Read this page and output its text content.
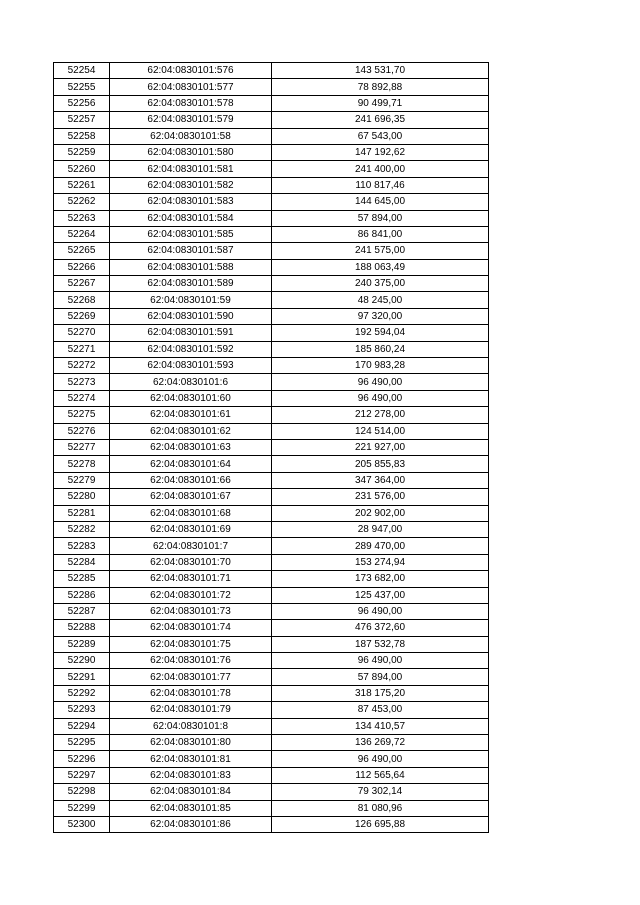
52254	62:04:0830101:576	143 531,70
52255	62:04:0830101:577	78 892,88
52256	62:04:0830101:578	90 499,71
52257	62:04:0830101:579	241 696,35
52258	62:04:0830101:58	67 543,00
52259	62:04:0830101:580	147 192,62
52260	62:04:0830101:581	241 400,00
52261	62:04:0830101:582	110 817,46
52262	62:04:0830101:583	144 645,00
52263	62:04:0830101:584	57 894,00
52264	62:04:0830101:585	86 841,00
52265	62:04:0830101:587	241 575,00
52266	62:04:0830101:588	188 063,49
52267	62:04:0830101:589	240 375,00
52268	62:04:0830101:59	48 245,00
52269	62:04:0830101:590	97 320,00
52270	62:04:0830101:591	192 594,04
52271	62:04:0830101:592	185 860,24
52272	62:04:0830101:593	170 983,28
52273	62:04:0830101:6	96 490,00
52274	62:04:0830101:60	96 490,00
52275	62:04:0830101:61	212 278,00
52276	62:04:0830101:62	124 514,00
52277	62:04:0830101:63	221 927,00
52278	62:04:0830101:64	205 855,83
52279	62:04:0830101:66	347 364,00
52280	62:04:0830101:67	231 576,00
52281	62:04:0830101:68	202 902,00
52282	62:04:0830101:69	28 947,00
52283	62:04:0830101:7	289 470,00
52284	62:04:0830101:70	153 274,94
52285	62:04:0830101:71	173 682,00
52286	62:04:0830101:72	125 437,00
52287	62:04:0830101:73	96 490,00
52288	62:04:0830101:74	476 372,60
52289	62:04:0830101:75	187 532,78
52290	62:04:0830101:76	96 490,00
52291	62:04:0830101:77	57 894,00
52292	62:04:0830101:78	318 175,20
52293	62:04:0830101:79	87 453,00
52294	62:04:0830101:8	134 410,57
52295	62:04:0830101:80	136 269,72
52296	62:04:0830101:81	96 490,00
52297	62:04:0830101:83	112 565,64
52298	62:04:0830101:84	79 302,14
52299	62:04:0830101:85	81 080,96
52300	62:04:0830101:86	126 695,88
